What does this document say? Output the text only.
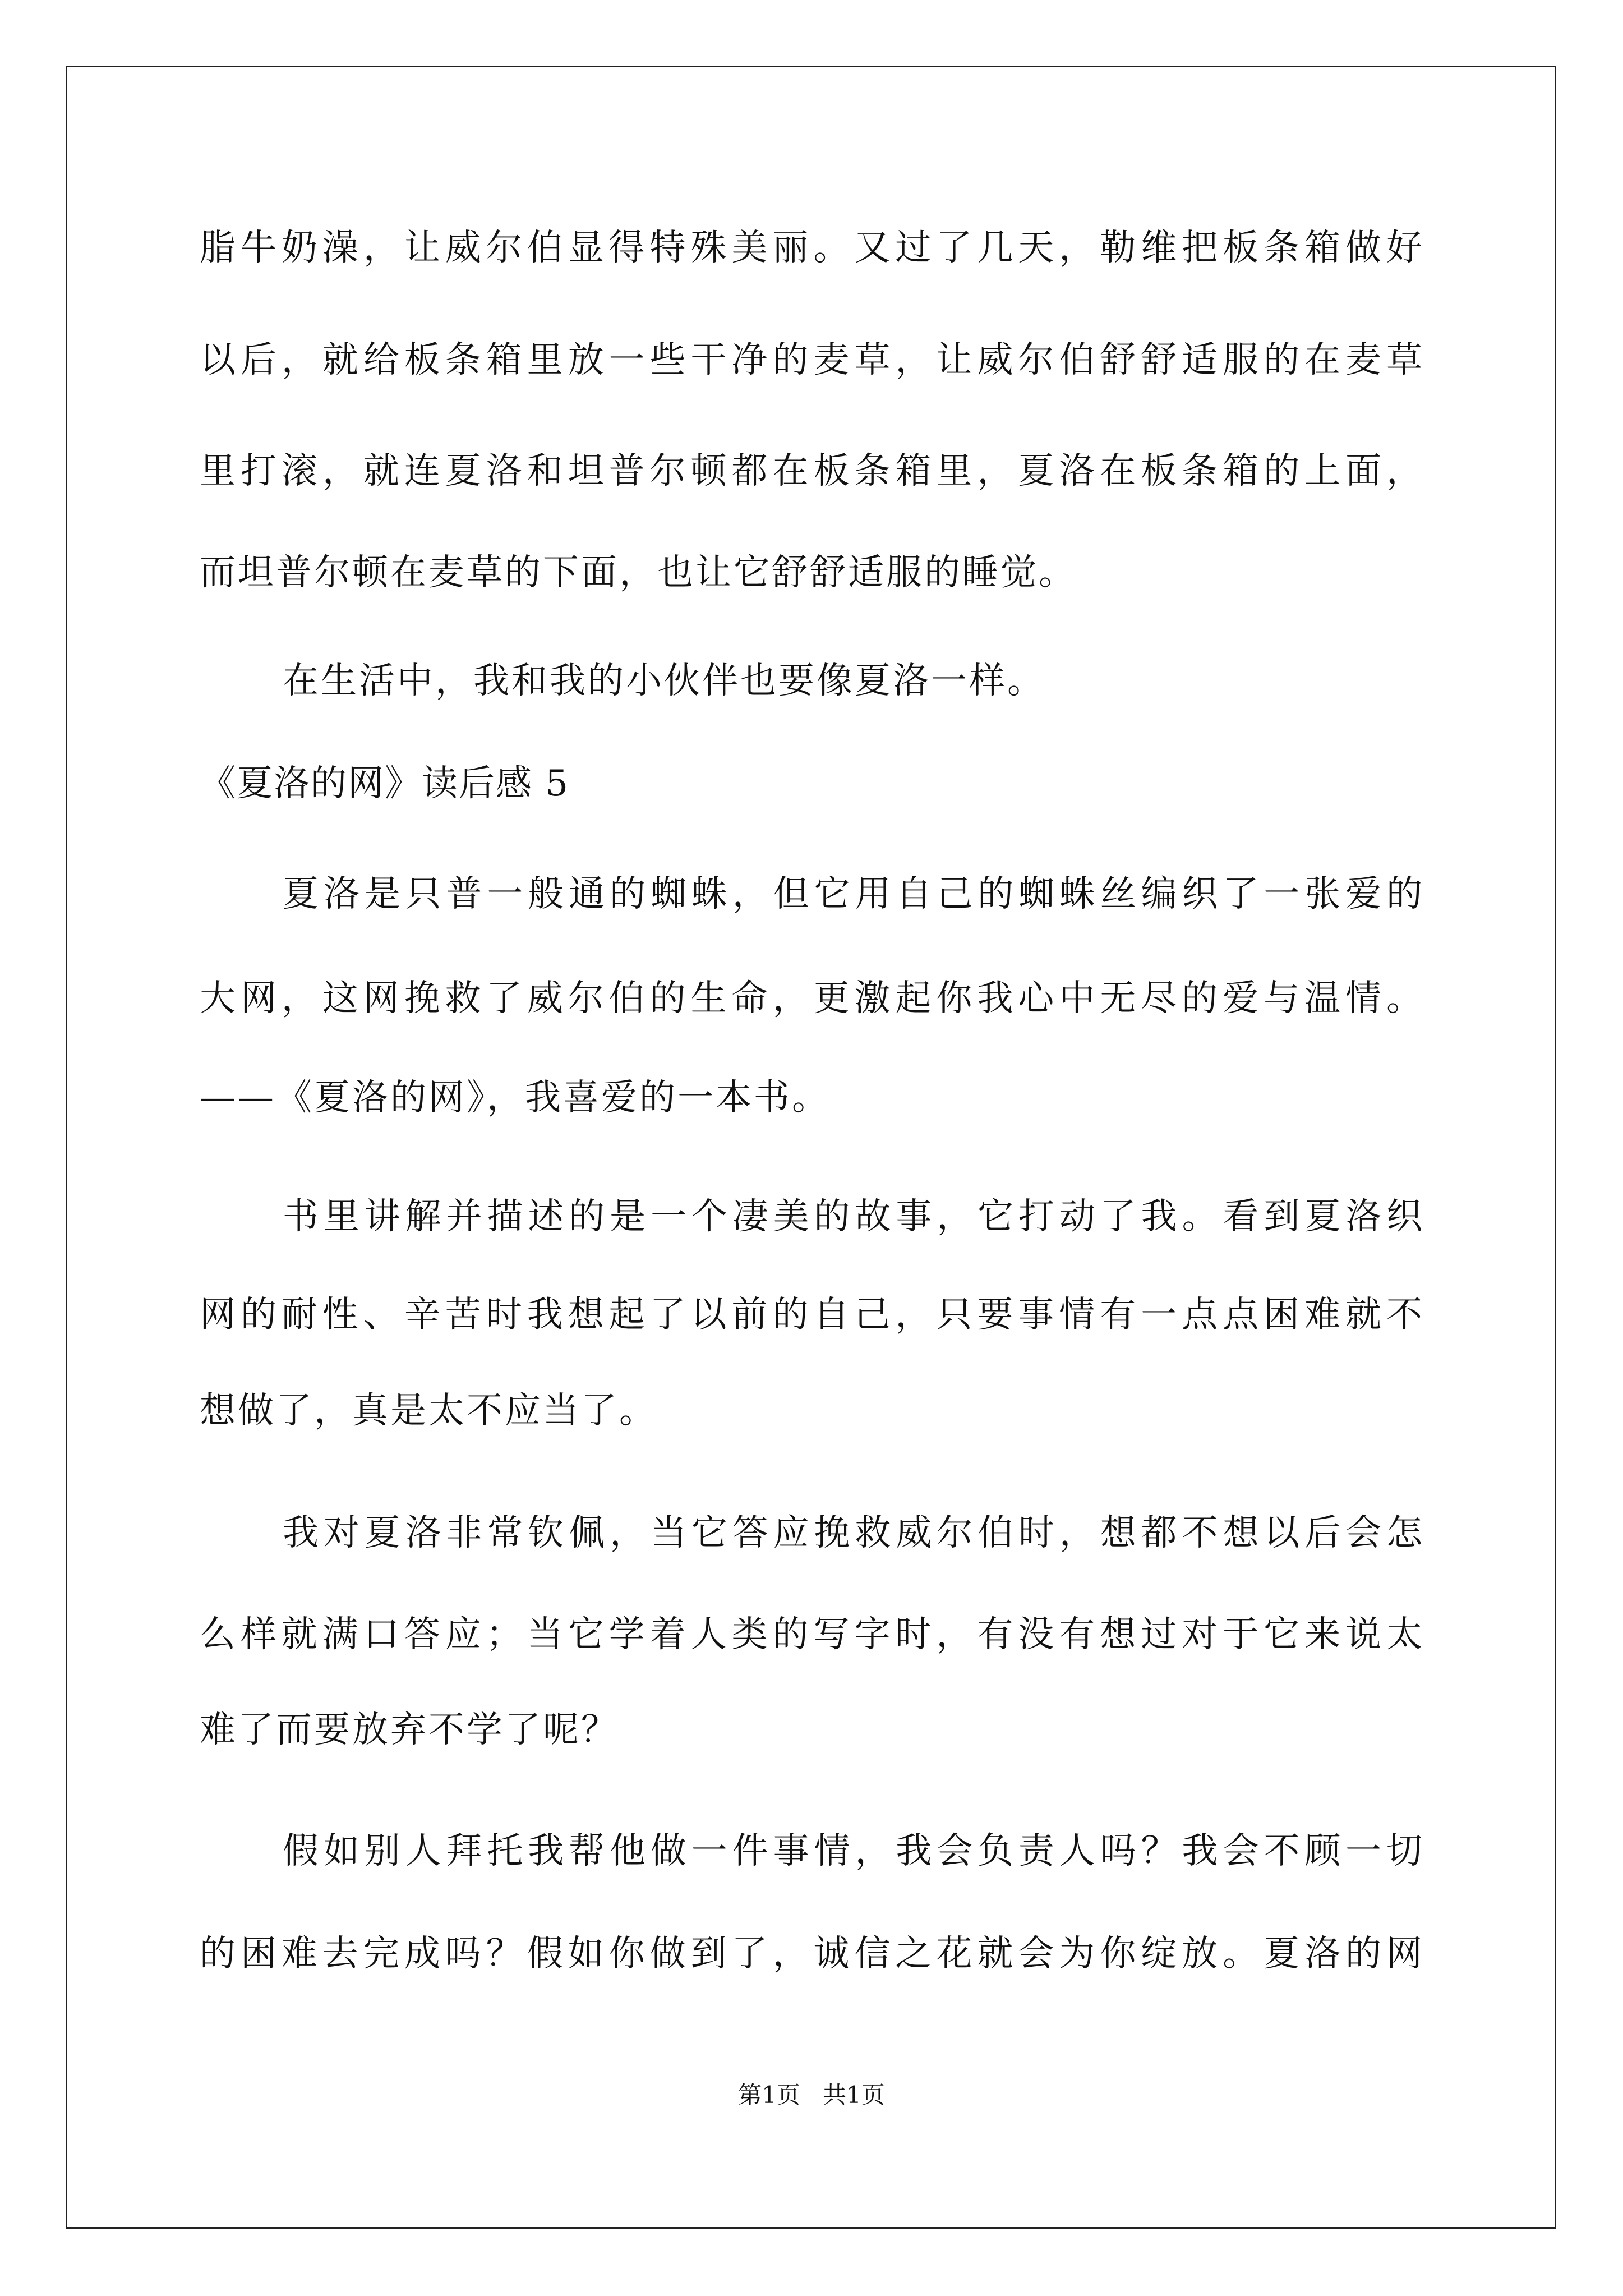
脂牛奶澡，让威尔伯显得特殊美丽。又过了几天，勒维把板条箱做好
以后，就给板条箱里放一些干净的麦草，让威尔伯舒舒适服的在麦草
里打滚，就连夏洛和坦普尔顿都在板条箱里，夏洛在板条箱的上面，
而坦普尔顿在麦草的下面，也让它舒舒适服的睡觉。
在生活中，我和我的小伙伴也要像夏洛一样。
《夏洛的网》读后感 5
夏洛是只普一般通的蜘蛛，但它用自己的蜘蛛丝编织了一张爱的
大网，这网挽救了威尔伯的生命，更激起你我心中无尽的爱与温情。
——《夏洛的网》，我喜爱的一本书。
书里讲解并描述的是一个凄美的故事，它打动了我。看到夏洛织
网的耐性、辛苦时我想起了以前的自己，只要事情有一点点困难就不
想做了，真是太不应当了。
我对夏洛非常钦佩，当它答应挽救威尔伯时，想都不想以后会怎
么样就满口答应；当它学着人类的写字时，有没有想过对于它来说太
难了而要放弃不学了呢？
假如别人拜托我帮他做一件事情，我会负责人吗？我会不顾一切
的困难去完成吗？假如你做到了，诚信之花就会为你绽放。夏洛的网
第1页   共1页
